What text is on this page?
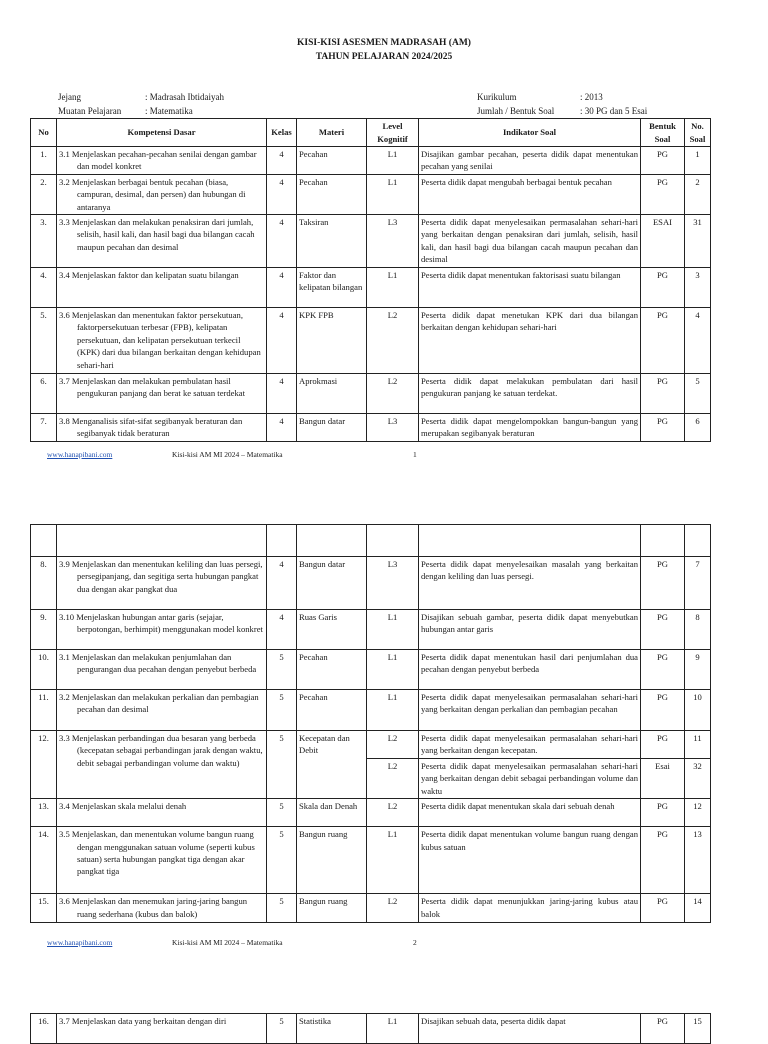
KISI-KISI ASESMEN MADRASAH (AM)
TAHUN PELAJARAN 2024/2025
Jejang	: Madrasah Ibtidaiyah
Muatan Pelajaran	: Matematika
Kurikulum	: 2013
Jumlah / Bentuk Soal	: 30 PG dan 5 Esai
No	Kompetensi Dasar	Kelas	Materi	Level Kognitif	Indikator Soal	Bentuk Soal	No. Soal
1.	3.1 Menjelaskan pecahan-pecahan senilai dengan gambar dan model konkret	4	Pecahan	L1	Disajikan gambar pecahan, peserta didik dapat menentukan pecahan yang senilai	PG	1
2.	3.2 Menjelaskan berbagai bentuk pecahan (biasa, campuran, desimal, dan persen) dan hubungan di antaranya	4	Pecahan	L1	Peserta didik dapat mengubah berbagai bentuk pecahan	PG	2
3.	3.3 Menjelaskan dan melakukan penaksiran dari jumlah, selisih, hasil kali, dan hasil bagi dua bilangan cacah maupun pecahan dan desimal	4	Taksiran	L3	Peserta didik dapat menyelesaikan permasalahan sehari-hari yang berkaitan dengan penaksiran dari jumlah, selisih, hasil kali, dan hasil bagi dua bilangan cacah maupun pecahan dan desimal	ESAI	31
4.	3.4 Menjelaskan faktor dan kelipatan suatu bilangan	4	Faktor dan kelipatan bilangan	L1	Peserta didik dapat menentukan faktorisasi suatu bilangan	PG	3
5.	3.6 Menjelaskan dan menentukan faktor persekutuan, faktorpersekutuan terbesar (FPB), kelipatan persekutuan, dan kelipatan persekutuan terkecil (KPK) dari dua bilangan berkaitan dengan kehidupan sehari-hari	4	KPK FPB	L2	Peserta didik dapat menetukan KPK dari dua bilangan berkaitan dengan kehidupan sehari-hari	PG	4
6.	3.7 Menjelaskan dan melakukan pembulatan hasil pengukuran panjang dan berat ke satuan terdekat	4	Aprokmasi	L2	Peserta didik dapat melakukan pembulatan dari hasil pengukuran panjang ke satuan terdekat.	PG	5
7.	3.8 Menganalisis sifat-sifat segibanyak beraturan dan segibanyak tidak beraturan	4	Bangun datar	L3	Peserta didik dapat mengelompokkan bangun-bangun yang merupakan segibanyak beraturan	PG	6
www.hanapibani.com	Kisi-kisi AM MI 2024 – Matematika	1

8.	3.9 Menjelaskan dan menentukan keliling dan luas persegi, persegipanjang, dan segitiga serta hubungan pangkat dua dengan akar pangkat dua	4	Bangun datar	L3	Peserta didik dapat menyelesaikan masalah yang berkaitan dengan keliling dan luas persegi.	PG	7
9.	3.10 Menjelaskan hubungan antar garis (sejajar, berpotongan, berhimpit) menggunakan model konkret	4	Ruas Garis	L1	Disajikan sebuah gambar, peserta didik dapat menyebutkan hubungan antar garis	PG	8
10.	3.1 Menjelaskan dan melakukan penjumlahan dan pengurangan dua pecahan dengan penyebut berbeda	5	Pecahan	L1	Peserta didik dapat menentukan hasil dari penjumlahan dua pecahan dengan penyebut berbeda	PG	9
11.	3.2 Menjelaskan dan melakukan perkalian dan pembagian pecahan dan desimal	5	Pecahan	L1	Peserta didik dapat menyelesaikan permasalahan sehari-hari yang berkaitan dengan perkalian dan pembagian pecahan	PG	10
12.	3.3 Menjelaskan perbandingan dua besaran yang berbeda (kecepatan sebagai perbandingan jarak dengan waktu, debit sebagai perbandingan volume dan waktu)	5	Kecepatan dan Debit	L2	Peserta didik dapat menyelesaikan permasalahan sehari-hari yang berkaitan dengan kecepatan.	PG	11
				L2	Peserta didik dapat menyelesaikan permasalahan sehari-hari yang berkaitan dengan debit sebagai perbandingan volume dan waktu	Esai	32
13.	3.4 Menjelaskan skala melalui denah	5	Skala dan Denah	L2	Peserta didik dapat menentukan skala dari sebuah denah	PG	12
14.	3.5 Menjelaskan, dan menentukan volume bangun ruang dengan menggunakan satuan volume (seperti kubus satuan) serta hubungan pangkat tiga dengan akar pangkat tiga	5	Bangun ruang	L1	Peserta didik dapat menentukan volume bangun ruang dengan kubus satuan	PG	13
15.	3.6 Menjelaskan dan menemukan jaring-jaring bangun ruang sederhana (kubus dan balok)	5	Bangun ruang	L2	Peserta didik dapat menunjukkan jaring-jaring kubus atau balok	PG	14
www.hanapibani.com	Kisi-kisi AM MI 2024 – Matematika	2
16.	3.7 Menjelaskan data yang berkaitan dengan diri	5	Statistika	L1	Disajikan sebuah data, peserta didik dapat	PG	15
